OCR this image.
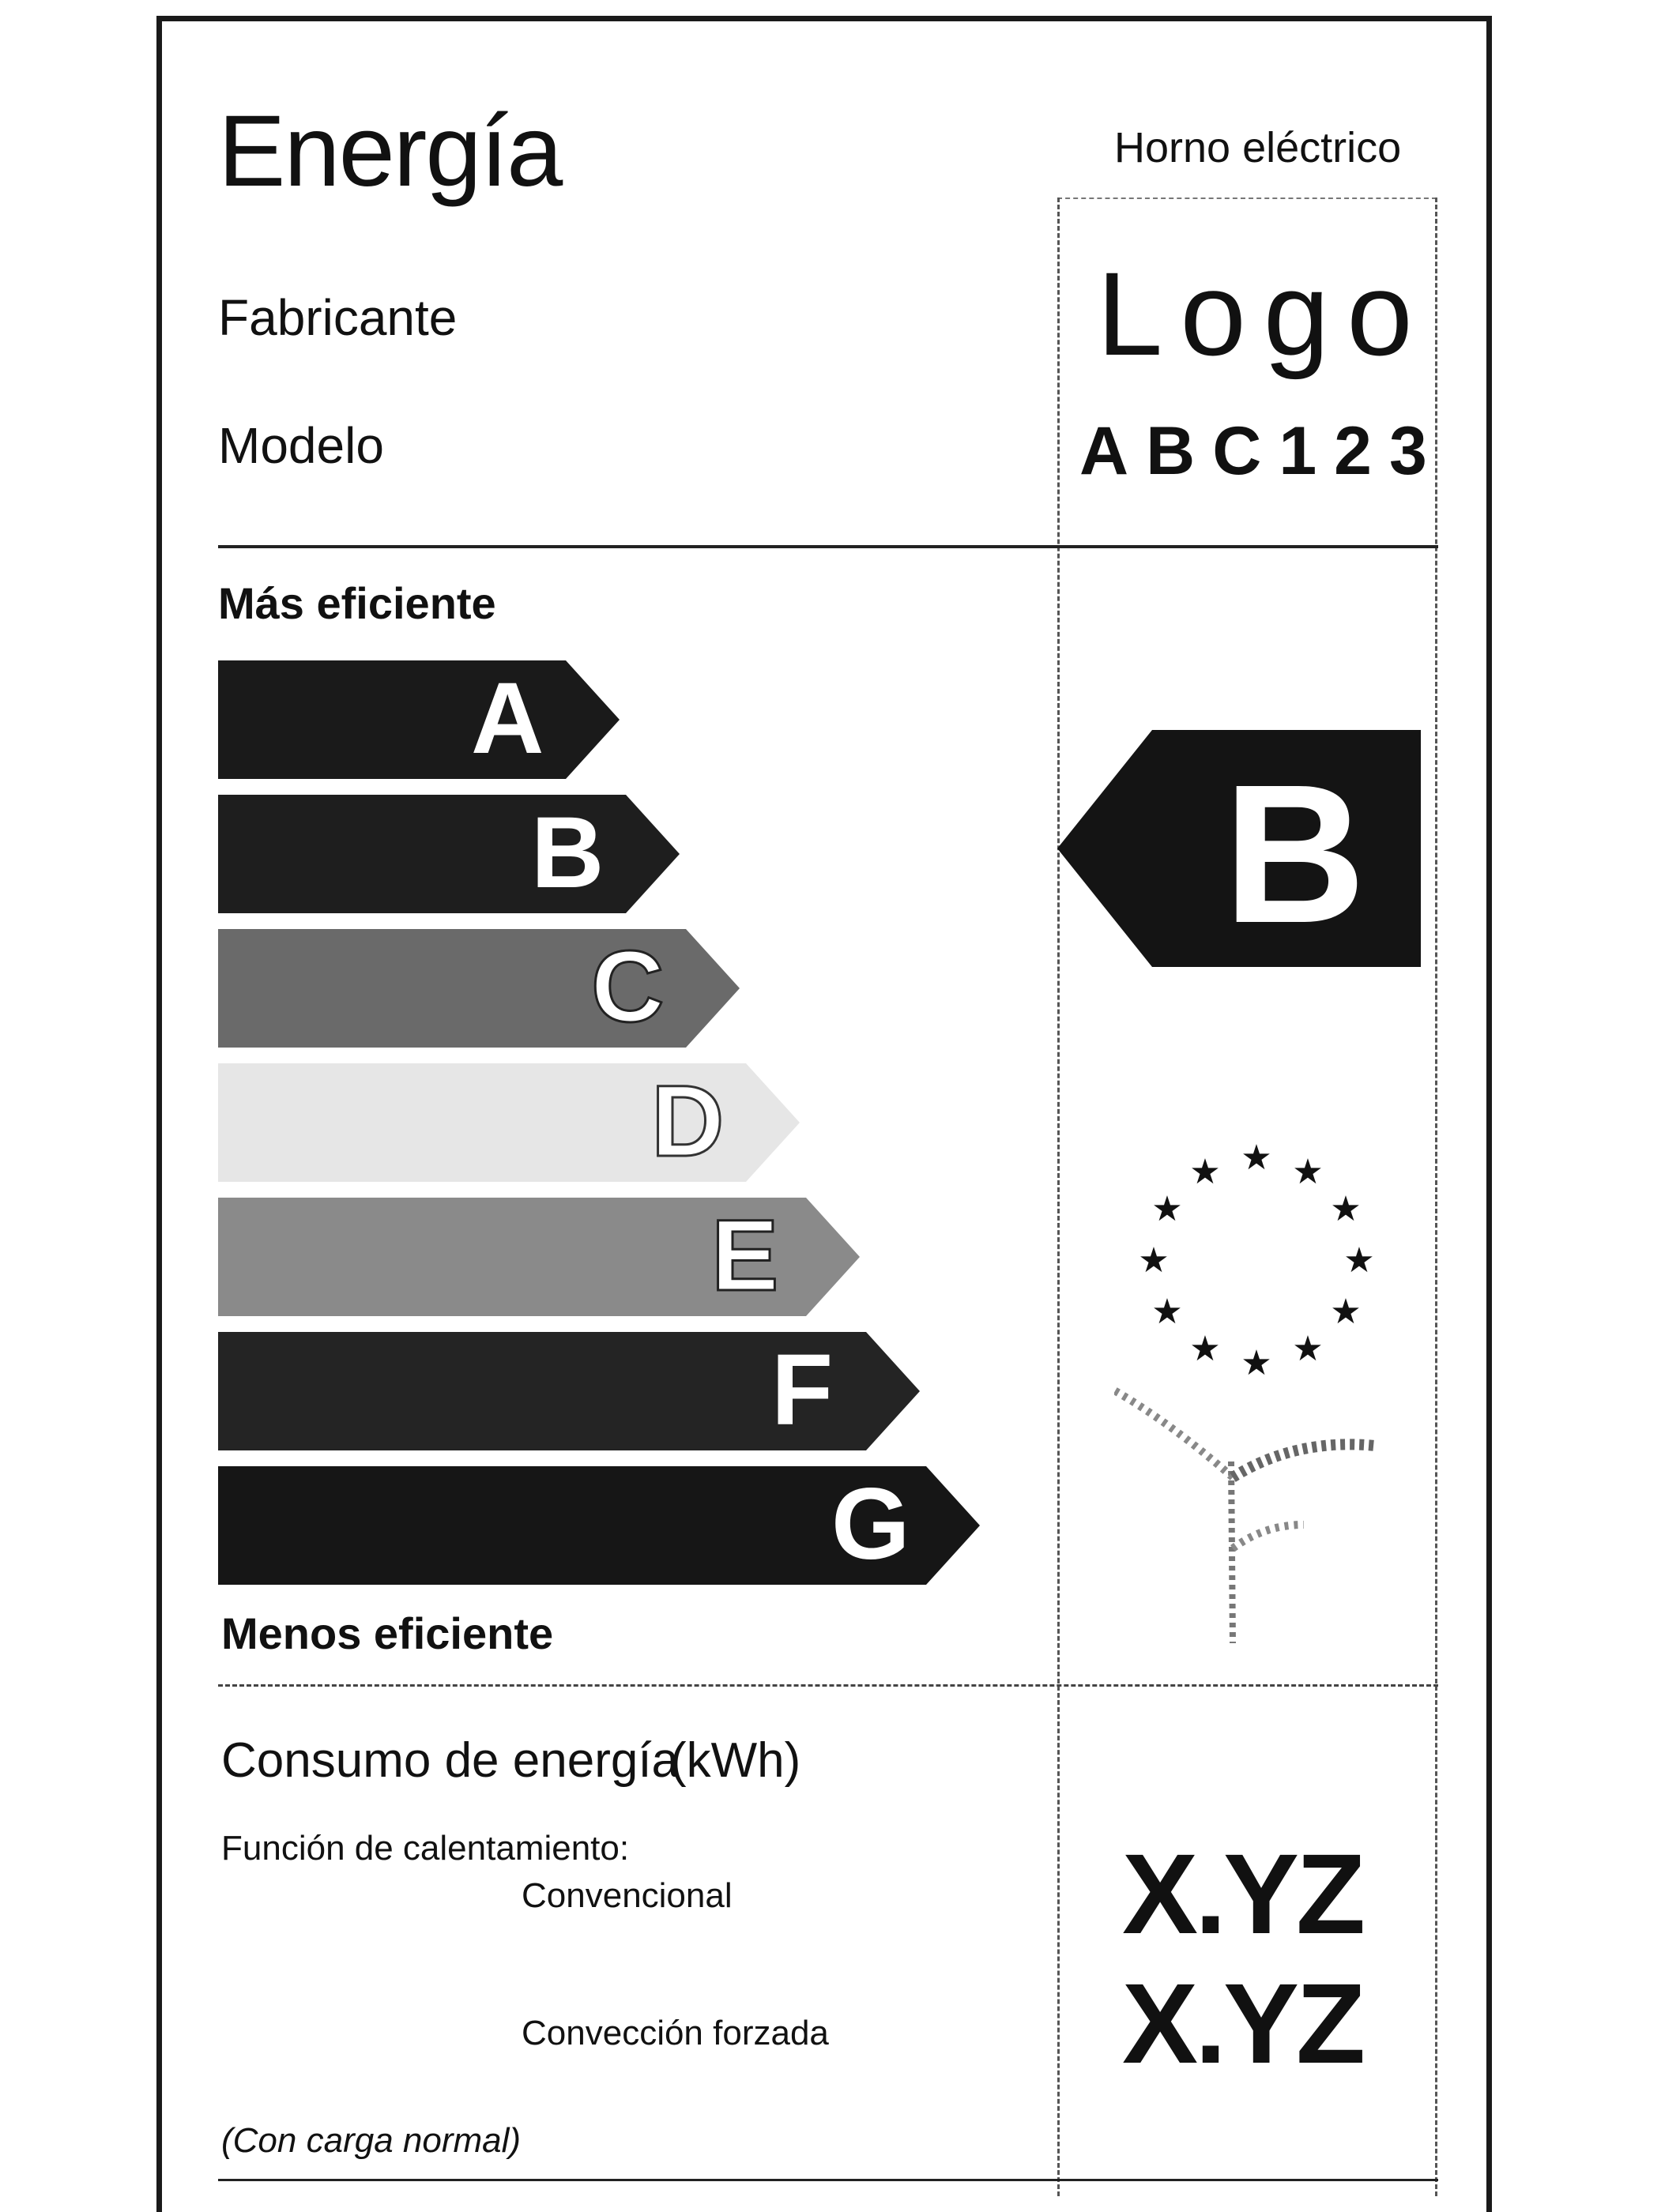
Energía	Horno eléctrico
Fabricante
Modelo
Logo
ABC123
Más eficiente
A
B
C
D
E
F
G
Menos eficiente
B
★ ★
★
★
★
★
★
★
★
★
★
★
Consumo de energía
(kWh)
Función de calentamiento:
Convencional
Convección forzada
X.YZ
X.YZ
(Con carga normal)
